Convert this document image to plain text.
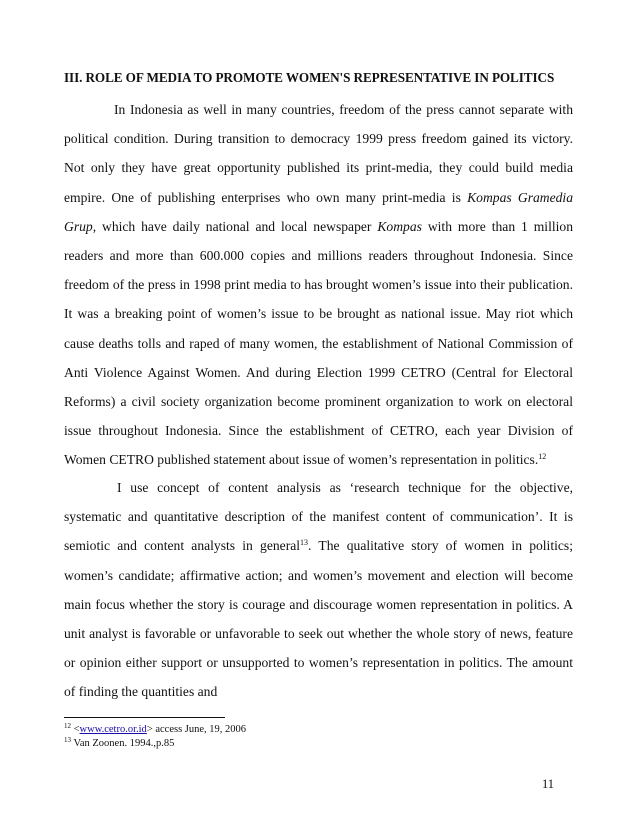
III. ROLE OF MEDIA TO PROMOTE WOMEN'S REPRESENTATIVE IN POLITICS

In Indonesia as well in many countries, freedom of the press cannot separate with political condition. During transition to democracy 1999 press freedom gained its victory. Not only they have great opportunity published its print-media, they could build media empire. One of publishing enterprises who own many print-media is Kompas Gramedia Grup, which have daily national and local newspaper Kompas with more than 1 million readers and more than 600.000 copies and millions readers throughout Indonesia. Since freedom of the press in 1998 print media to has brought women’s issue into their publication. It was a breaking point of women’s issue to be brought as national issue. May riot which cause deaths tolls and raped of many women, the establishment of National Commission of Anti Violence Against Women. And during Election 1999 CETRO (Central for Electoral Reforms) a civil society organization become prominent organization to work on electoral issue throughout Indonesia. Since the establishment of CETRO, each year Division of Women CETRO published statement about issue of women’s representation in politics.$^{12}$

I use concept of content analysis as ‘research technique for the objective, systematic and quantitative description of the manifest content of communication’. It is semiotic and content analysts in general$^{13}$. The qualitative story of women in politics; women’s candidate; affirmative action; and women’s movement and election will become main focus whether the story is courage and discourage women representation in politics. A unit analyst is favorable or unfavorable to seek out whether the whole story of news, feature or opinion either support or unsupported to women’s representation in politics. The amount of finding the quantities and

$^{12}$ <www.cetro.or.id> access June, 19, 2006
$^{13}$ Van Zoonen. 1994.,p.85
11
